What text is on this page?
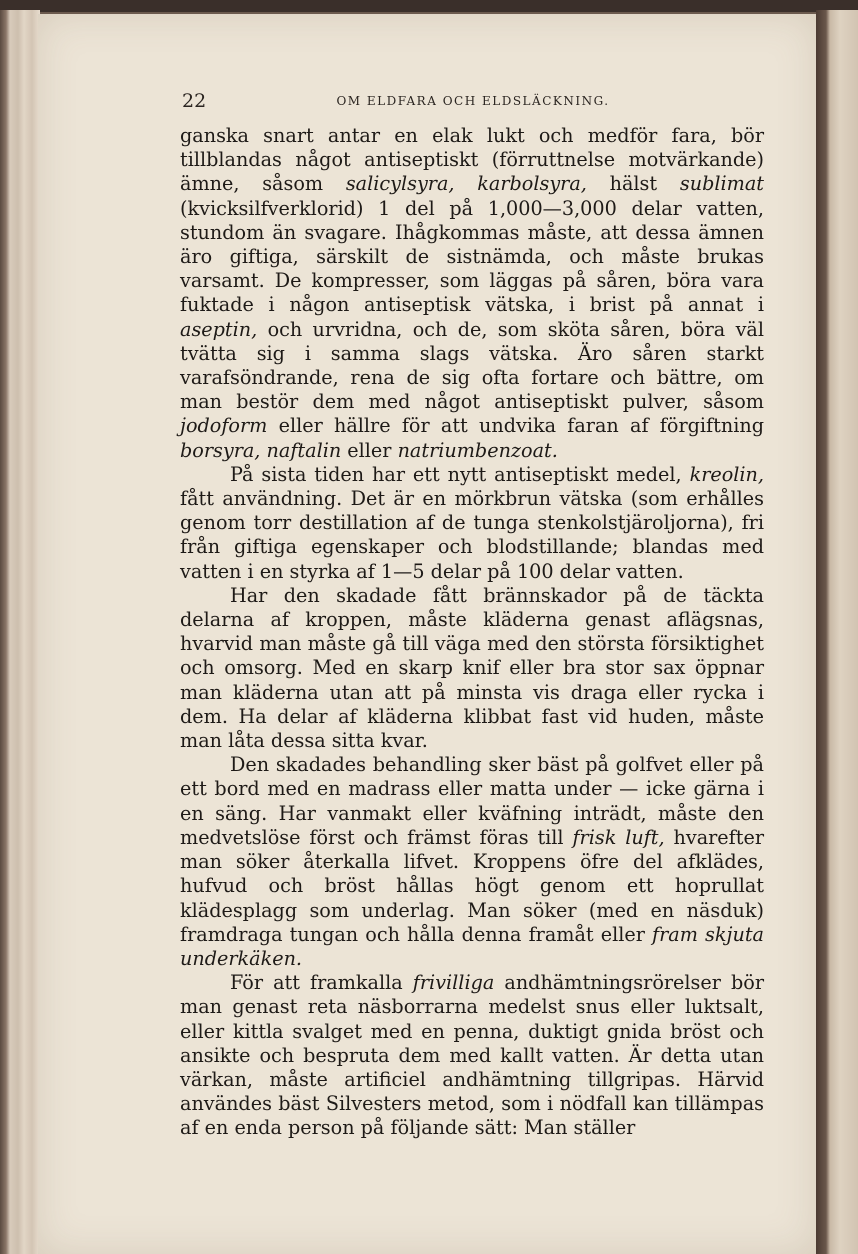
22	OM ELDFARA OCH ELDSLÄCKNING.

ganska snart antar en elak lukt och medför fara, bör tillblandas något antiseptiskt (förruttnelse motvärkande) ämne, såsom salicylsyra, karbolsyra, hälst sublimat (kvicksilfverklorid) 1 del på 1,000—3,000 delar vatten, stundom än svagare. Ihågkommas måste, att dessa ämnen äro giftiga, särskilt de sistnämda, och måste brukas varsamt. De kompresser, som läggas på såren, böra vara fuktade i någon antiseptisk vätska, i brist på annat i aseptin, och urvridna, och de, som sköta såren, böra väl tvätta sig i samma slags vätska. Äro såren starkt varafsöndrande, rena de sig ofta fortare och bättre, om man bestör dem med något antiseptiskt pulver, såsom jodoform eller hällre för att undvika faran af förgiftning borsyra, naftalin eller natriumbenzoat.

På sista tiden har ett nytt antiseptiskt medel, kreolin, fått användning. Det är en mörkbrun vätska (som erhålles genom torr destillation af de tunga stenkolstjäroljorna), fri från giftiga egenskaper och blodstillande; blandas med vatten i en styrka af 1—5 delar på 100 delar vatten.

Har den skadade fått brännskador på de täckta delarna af kroppen, måste kläderna genast aflägsnas, hvarvid man måste gå till väga med den största försiktighet och omsorg. Med en skarp knif eller bra stor sax öppnar man kläderna utan att på minsta vis draga eller rycka i dem. Ha delar af kläderna klibbat fast vid huden, måste man låta dessa sitta kvar.

Den skadades behandling sker bäst på golfvet eller på ett bord med en madrass eller matta under — icke gärna i en säng. Har vanmakt eller kväfning inträdt, måste den medvetslöse först och främst föras till frisk luft, hvarefter man söker återkalla lifvet. Kroppens öfre del afklädes, hufvud och bröst hållas högt genom ett hoprullat klädesplagg som underlag. Man söker (med en näsduk) framdraga tungan och hålla denna framåt eller fram skjuta underkäken.

För att framkalla frivilliga andhämtningsrörelser bör man genast reta näsborrarna medelst snus eller luktsalt, eller kittla svalget med en penna, duktigt gnida bröst och ansikte och bespruta dem med kallt vatten. Är detta utan värkan, måste artificiel andhämtning tillgripas. Härvid användes bäst Silvesters metod, som i nödfall kan tillämpas af en enda person på följande sätt: Man ställer
